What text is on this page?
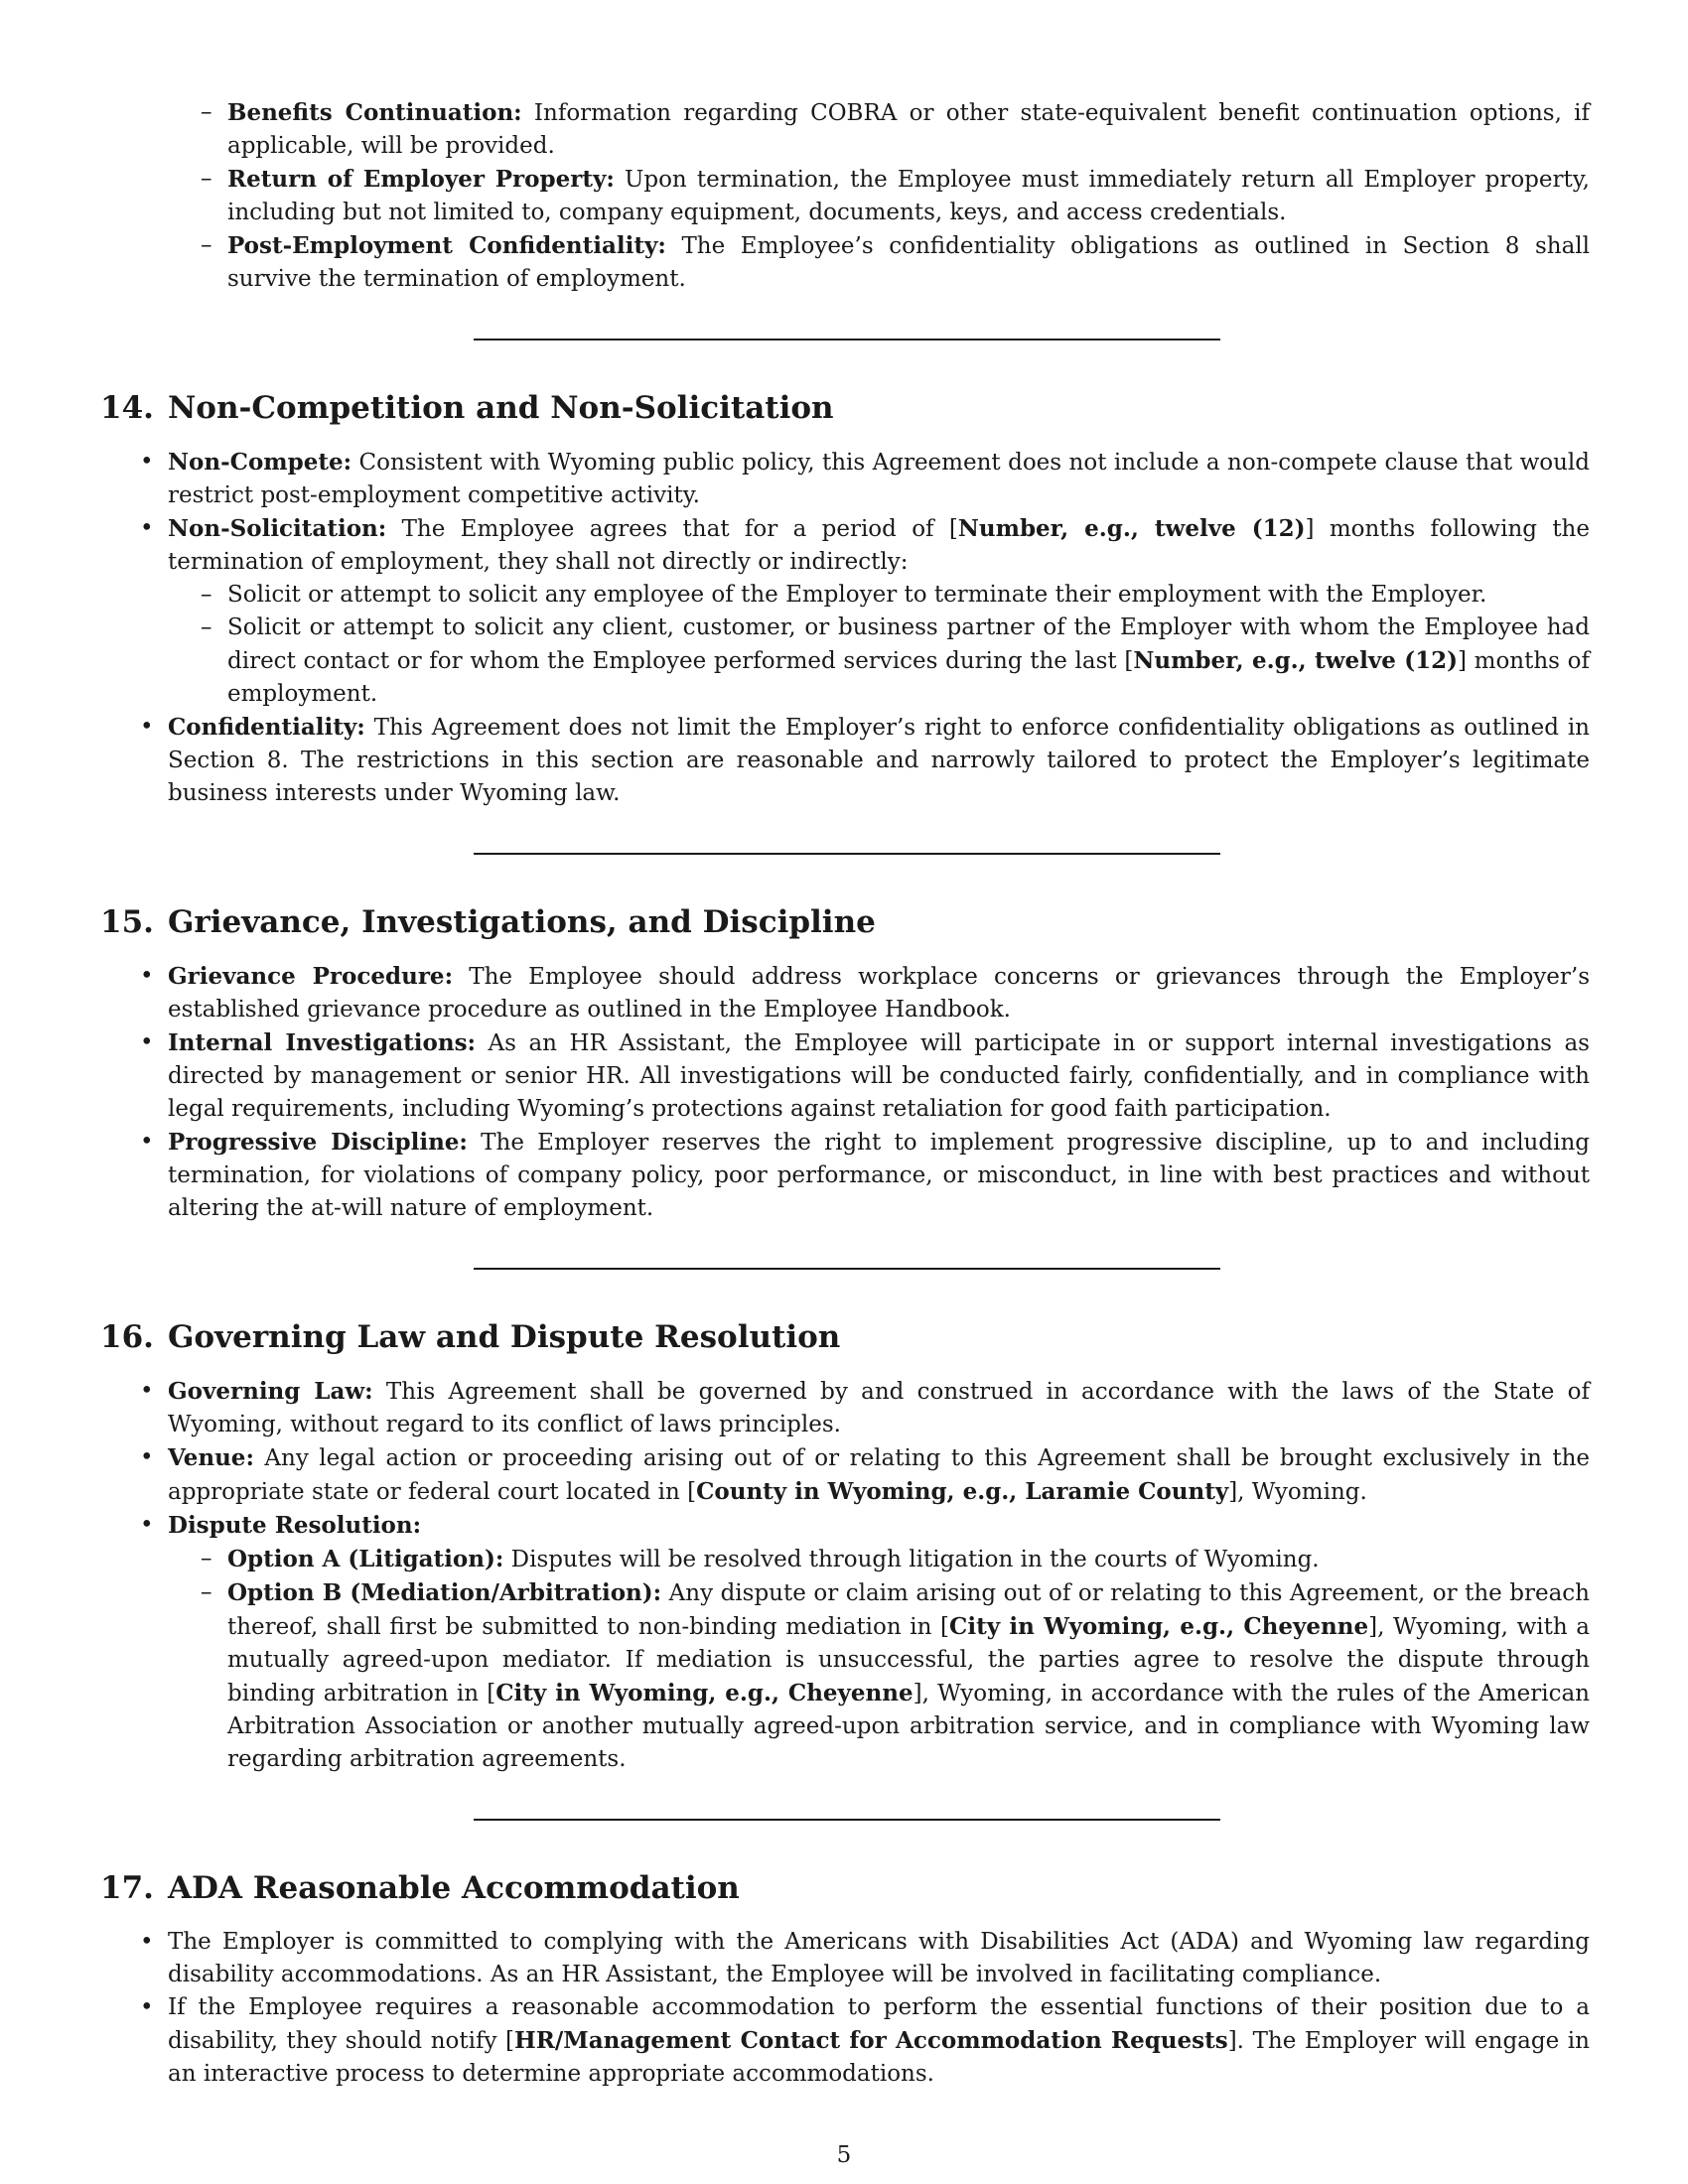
– Benefits Continuation: Information regarding COBRA or other state-equivalent benefit continuation options, if applicable, will be provided.
– Return of Employer Property: Upon termination, the Employee must immediately return all Employer property, including but not limited to, company equipment, documents, keys, and access credentials.
– Post-Employment Confidentiality: The Employee’s confidentiality obligations as outlined in Section 8 shall survive the termination of employment.
14. Non-Competition and Non-Solicitation
• Non-Compete: Consistent with Wyoming public policy, this Agreement does not include a non-compete clause that would restrict post-employment competitive activity.
• Non-Solicitation: The Employee agrees that for a period of [Number, e.g., twelve (12)] months following the termination of employment, they shall not directly or indirectly:
– Solicit or attempt to solicit any employee of the Employer to terminate their employment with the Employer.
– Solicit or attempt to solicit any client, customer, or business partner of the Employer with whom the Employee had direct contact or for whom the Employee performed services during the last [Number, e.g., twelve (12)] months of employment.
• Confidentiality: This Agreement does not limit the Employer’s right to enforce confidentiality obligations as outlined in Section 8. The restrictions in this section are reasonable and narrowly tailored to protect the Employer’s legitimate business interests under Wyoming law.
15. Grievance, Investigations, and Discipline
• Grievance Procedure: The Employee should address workplace concerns or grievances through the Employer’s established grievance procedure as outlined in the Employee Handbook.
• Internal Investigations: As an HR Assistant, the Employee will participate in or support internal investigations as directed by management or senior HR. All investigations will be conducted fairly, confidentially, and in compliance with legal requirements, including Wyoming’s protections against retaliation for good faith participation.
• Progressive Discipline: The Employer reserves the right to implement progressive discipline, up to and including termination, for violations of company policy, poor performance, or misconduct, in line with best practices and without altering the at-will nature of employment.
16. Governing Law and Dispute Resolution
• Governing Law: This Agreement shall be governed by and construed in accordance with the laws of the State of Wyoming, without regard to its conflict of laws principles.
• Venue: Any legal action or proceeding arising out of or relating to this Agreement shall be brought exclusively in the appropriate state or federal court located in [County in Wyoming, e.g., Laramie County], Wyoming.
• Dispute Resolution:
– Option A (Litigation): Disputes will be resolved through litigation in the courts of Wyoming.
– Option B (Mediation/Arbitration): Any dispute or claim arising out of or relating to this Agreement, or the breach thereof, shall first be submitted to non-binding mediation in [City in Wyoming, e.g., Cheyenne], Wyoming, with a mutually agreed-upon mediator. If mediation is unsuccessful, the parties agree to resolve the dispute through binding arbitration in [City in Wyoming, e.g., Cheyenne], Wyoming, in accordance with the rules of the American Arbitration Association or another mutually agreed-upon arbitration service, and in compliance with Wyoming law regarding arbitration agreements.
17. ADA Reasonable Accommodation
• The Employer is committed to complying with the Americans with Disabilities Act (ADA) and Wyoming law regarding disability accommodations. As an HR Assistant, the Employee will be involved in facilitating compliance.
• If the Employee requires a reasonable accommodation to perform the essential functions of their position due to a disability, they should notify [HR/Management Contact for Accommodation Requests]. The Employer will engage in an interactive process to determine appropriate accommodations.
5
